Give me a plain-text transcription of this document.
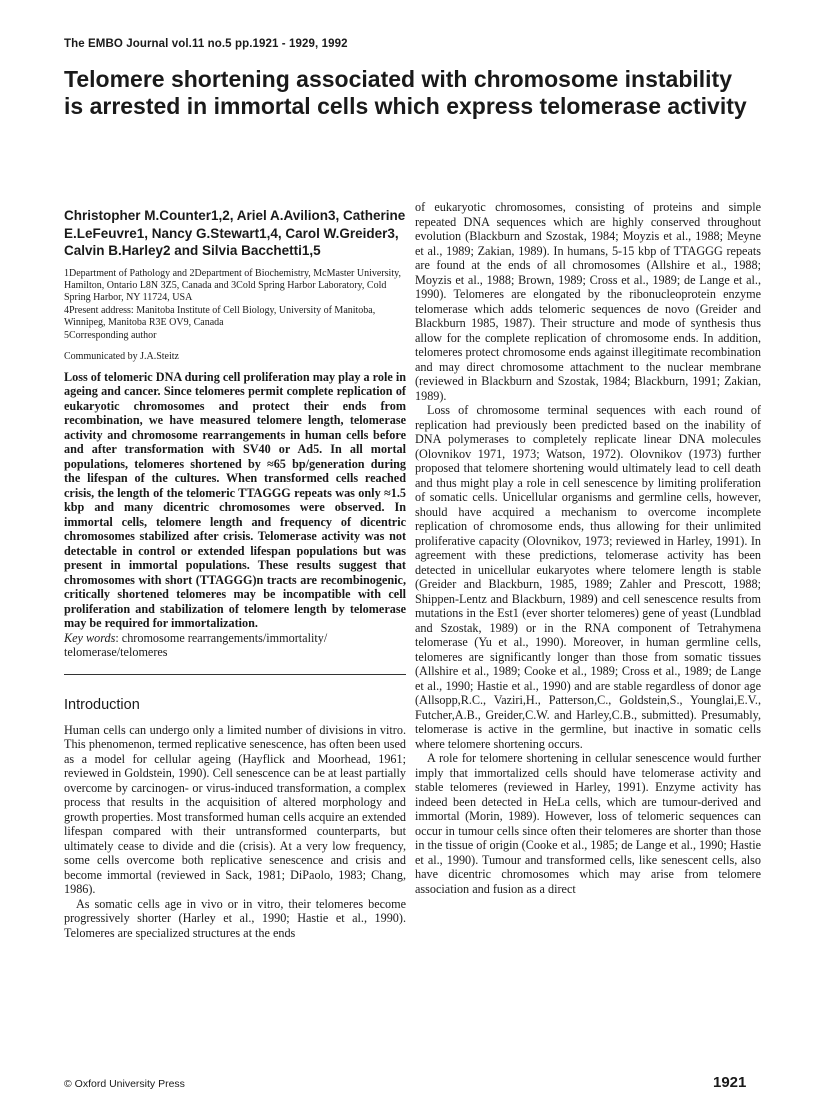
The EMBO Journal vol.11 no.5 pp.1921 - 1929, 1992
Telomere shortening associated with chromosome instability is arrested in immortal cells which express telomerase activity
Christopher M.Counter1,2, Ariel A.Avilion3, Catherine E.LeFeuvre1, Nancy G.Stewart1,4, Carol W.Greider3, Calvin B.Harley2 and Silvia Bacchetti1,5
1Department of Pathology and 2Department of Biochemistry, McMaster University, Hamilton, Ontario L8N 3Z5, Canada and 3Cold Spring Harbor Laboratory, Cold Spring Harbor, NY 11724, USA
4Present address: Manitoba Institute of Cell Biology, University of Manitoba, Winnipeg, Manitoba R3E OV9, Canada
5Corresponding author
Communicated by J.A.Steitz
Loss of telomeric DNA during cell proliferation may play a role in ageing and cancer. Since telomeres permit complete replication of eukaryotic chromosomes and protect their ends from recombination, we have measured telomere length, telomerase activity and chromosome rearrangements in human cells before and after transformation with SV40 or Ad5. In all mortal populations, telomeres shortened by ≈65 bp/generation during the lifespan of the cultures. When transformed cells reached crisis, the length of the telomeric TTAGGG repeats was only ≈1.5 kbp and many dicentric chromosomes were observed. In immortal cells, telomere length and frequency of dicentric chromosomes stabilized after crisis. Telomerase activity was not detectable in control or extended lifespan populations but was present in immortal populations. These results suggest that chromosomes with short (TTAGGG)n tracts are recombinogenic, critically shortened telomeres may be incompatible with cell proliferation and stabilization of telomere length by telomerase may be required for immortalization.
Key words: chromosome rearrangements/immortality/ telomerase/telomeres
Introduction

Human cells can undergo only a limited number of divisions in vitro. This phenomenon, termed replicative senescence, has often been used as a model for cellular ageing (Hayflick and Moorhead, 1961; reviewed in Goldstein, 1990). Cell senescence can be at least partially overcome by carcinogen- or virus-induced transformation, a complex process that results in the acquisition of altered morphology and growth properties. Most transformed human cells acquire an extended lifespan compared with their untransformed counterparts, but ultimately cease to divide and die (crisis). At a very low frequency, some cells overcome both replicative senescence and crisis and become immortal (reviewed in Sack, 1981; DiPaolo, 1983; Chang, 1986).

As somatic cells age in vivo or in vitro, their telomeres become progressively shorter (Harley et al., 1990; Hastie et al., 1990). Telomeres are specialized structures at the ends

of eukaryotic chromosomes, consisting of proteins and simple repeated DNA sequences which are highly conserved throughout evolution (Blackburn and Szostak, 1984; Moyzis et al., 1988; Meyne et al., 1989; Zakian, 1989). In humans, 5-15 kbp of TTAGGG repeats are found at the ends of all chromosomes (Allshire et al., 1988; Moyzis et al., 1988; Brown, 1989; Cross et al., 1989; de Lange et al., 1990). Telomeres are elongated by the ribonucleoprotein enzyme telomerase which adds telomeric sequences de novo (Greider and Blackburn 1985, 1987). Their structure and mode of synthesis thus allow for the complete replication of chromosome ends. In addition, telomeres protect chromosome ends against illegitimate recombination and may direct chromosome attachment to the nuclear membrane (reviewed in Blackburn and Szostak, 1984; Blackburn, 1991; Zakian, 1989).

Loss of chromosome terminal sequences with each round of replication had previously been predicted based on the inability of DNA polymerases to completely replicate linear DNA molecules (Olovnikov 1971, 1973; Watson, 1972). Olovnikov (1973) further proposed that telomere shortening would ultimately lead to cell death and thus might play a role in cell senescence by limiting proliferation of somatic cells. Unicellular organisms and germline cells, however, should have acquired a mechanism to overcome incomplete replication of chromosome ends, thus allowing for their unlimited proliferative capacity (Olovnikov, 1973; reviewed in Harley, 1991). In agreement with these predictions, telomerase activity has been detected in unicellular eukaryotes where telomere length is stable (Greider and Blackburn, 1985, 1989; Zahler and Prescott, 1988; Shippen-Lentz and Blackburn, 1989) and cell senescence results from mutations in the Est1 (ever shorter telomeres) gene of yeast (Lundblad and Szostak, 1989) or in the RNA component of Tetrahymena telomerase (Yu et al., 1990). Moreover, in human germline cells, telomeres are significantly longer than those from somatic tissues (Allshire et al., 1989; Cooke et al., 1989; Cross et al., 1989; de Lange et al., 1990; Hastie et al., 1990) and are stable regardless of donor age (Allsopp,R.C., Vaziri,H., Patterson,C., Goldstein,S., Younglai,E.V., Futcher,A.B., Greider,C.W. and Harley,C.B., submitted). Presumably, telomerase is active in the germline, but inactive in somatic cells where telomere shortening occurs.

A role for telomere shortening in cellular senescence would further imply that immortalized cells should have telomerase activity and stable telomeres (reviewed in Harley, 1991). Enzyme activity has indeed been detected in HeLa cells, which are tumour-derived and immortal (Morin, 1989). However, loss of telomeric sequences can occur in tumour cells since often their telomeres are shorter than those in the tissue of origin (Cooke et al., 1985; de Lange et al., 1990; Hastie et al., 1990). Tumour and transformed cells, like senescent cells, also have dicentric chromosomes which may arise from telomere association and fusion as a direct

© Oxford University Press	1921
